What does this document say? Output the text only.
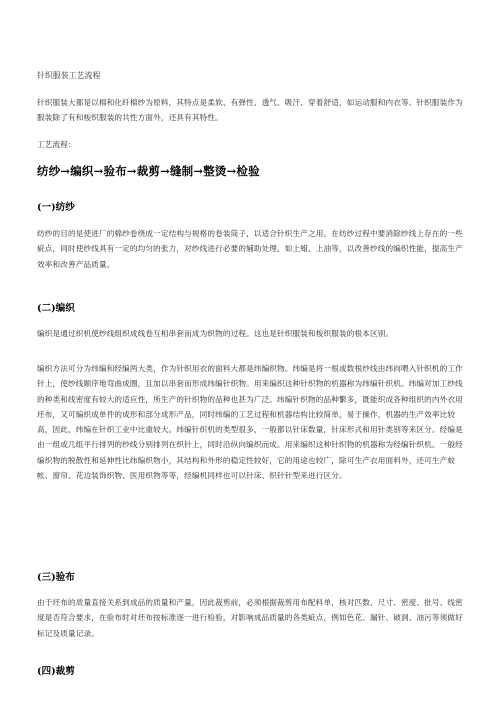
针织服装工艺流程

针织服装大都是以棉和化纤棉纱为原料，其特点是柔软、有弹性、透气、吸汗、穿着舒适，如运动服和内衣等。针织服装作为服装除了有和梭织服装的共性方面外，还具有其特性。

工艺流程：

纺纱→编织→验布→裁剪→缝制→整烫→检验
(一)纺纱

纺纱的目的是使进厂的棉纱卷绕成一定结构与规格的卷装筒子，以适合针织生产之用。在纺纱过程中要消除纱线上存在的一些疵点，同时使纱线具有一定的均匀的张力，对纱线进行必要的辅助处理，如上蜡、上油等，以改善纱线的编织性能，提高生产效率和改善产品质量。

(二)编织

编织是通过织机使纱线组织成线卷互相串套而成为织物的过程。这也是针织服装和梭织服装的根本区别。

编织方法可分为纬编和经编两大类，作为针织用衣的面料大都是纬编织物。纬编是将一根或数根纱线由纬向喂入针织机的工作针上，使纱线顺序地弯曲成圈，且加以串套而形成纬编针织物。用来编织这种针织物的机器称为纬编针织机。纬编对加工纱线的种类和线密度有较大的适应性，所生产的针织物的品种也甚为广泛。纬编针织物的品种繁多，既能织成各种组织的内外衣用坯布，又可编织成单件的成形和部分成形产品，同时纬编的工艺过程和机器结构比较简单，易于操作，机器的生产效率比较高，因此，纬编在针织工业中比重较大。纬编针织机的类型很多，一般都以针床数量，针床形式和用针类别等来区分。经编是由一组或几组平行排列的纱线分别排列在织针上，同时沿纵向编织而成。用来编织这种针织物的机器称为经编针织机。一般经编织物的脱散性和延伸性比纬编织物小，其结构和外形的稳定性较好，它的用途也较广，除可生产衣用面料外，还可生产蚊帐、窗帘、花边装饰织物、医用织物等等，经编机同样也可以针床、织针针型来进行区分。

(三)验布

由于坯布的质量直接关系到成品的质量和产量，因此裁剪前，必须根据裁剪用布配料单，核对匹数、尺寸、密度、批号、线密度是否符合要求，在验布时对坯布按标准逐一进行检验，对影响成品质量的各类疵点，例如色花、漏针、破洞、油污等须做好标记及质量记录。

(四)裁剪
